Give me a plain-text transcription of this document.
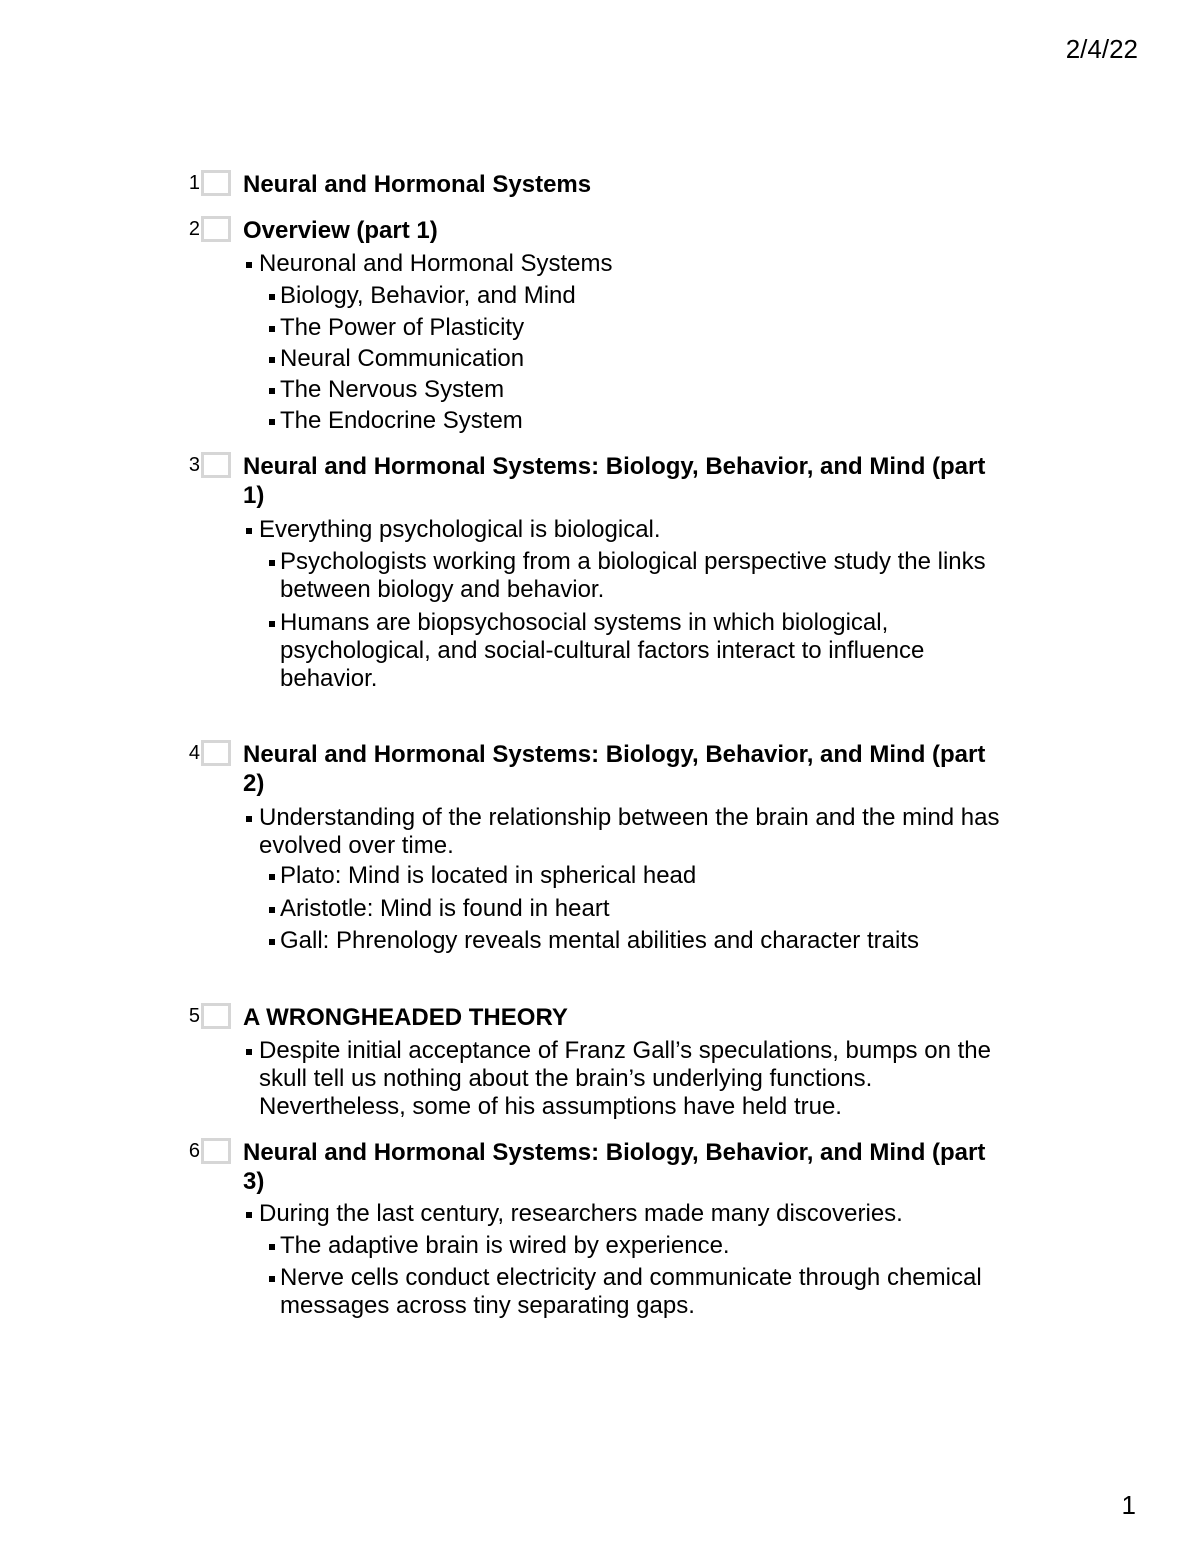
2/4/22
1 Neural and Hormonal Systems

2 Overview (part 1)

Neuronal and Hormonal Systems

Biology, Behavior, and Mind

The Power of Plasticity

Neural Communication

The Nervous System

The Endocrine System

3 Neural and Hormonal Systems: Biology, Behavior, and Mind (part 1)

Everything psychological is biological.

Psychologists working from a biological perspective study the links between biology and behavior.

Humans are biopsychosocial systems in which biological, psychological, and social-cultural factors interact to influence behavior.

4 Neural and Hormonal Systems: Biology, Behavior, and Mind (part 2)

Understanding of the relationship between the brain and the mind has evolved over time.

Plato: Mind is located in spherical head

Aristotle: Mind is found in heart

Gall: Phrenology reveals mental abilities and character traits

5 A WRONGHEADED THEORY

Despite initial acceptance of Franz Gall’s speculations, bumps on the skull tell us nothing about the brain’s underlying functions. Nevertheless, some of his assumptions have held true.

6 Neural and Hormonal Systems: Biology, Behavior, and Mind (part 3)

During the last century, researchers made many discoveries.

The adaptive brain is wired by experience.

Nerve cells conduct electricity and communicate through chemical messages across tiny separating gaps.

1
